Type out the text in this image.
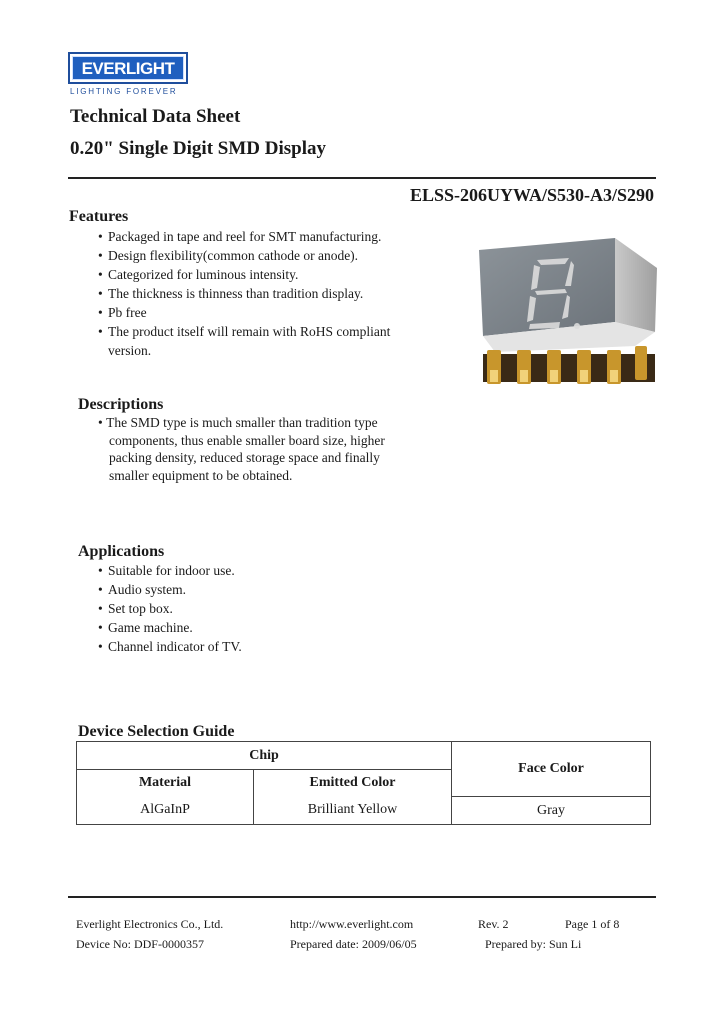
EVERLIGHT
LIGHTING FOREVER
Technical Data Sheet
0.20" Single Digit SMD Display
ELSS-206UYWA/S530-A3/S290
Features
• Packaged in tape and reel for SMT manufacturing.
• Design flexibility(common cathode or anode).
• Categorized for luminous intensity.
• The thickness is thinness than tradition display.
• Pb free
• The product itself will remain with RoHS compliant version.
Descriptions
• The SMD type is much smaller than tradition type components, thus enable smaller board size, higher packing density, reduced storage space and finally smaller equipment to be obtained.
Applications
• Suitable for indoor use.
• Audio system.
• Set top box.
• Game machine.
• Channel indicator of TV.
Device Selection Guide
Chip		Face Color
Material	Emitted Color	
AlGaInP	Brilliant Yellow	Gray
Everlight Electronics Co., Ltd.	http://www.everlight.com	Rev. 2	Page 1 of 8
Device No: DDF-0000357	Prepared date: 2009/06/05	Prepared by: Sun Li
